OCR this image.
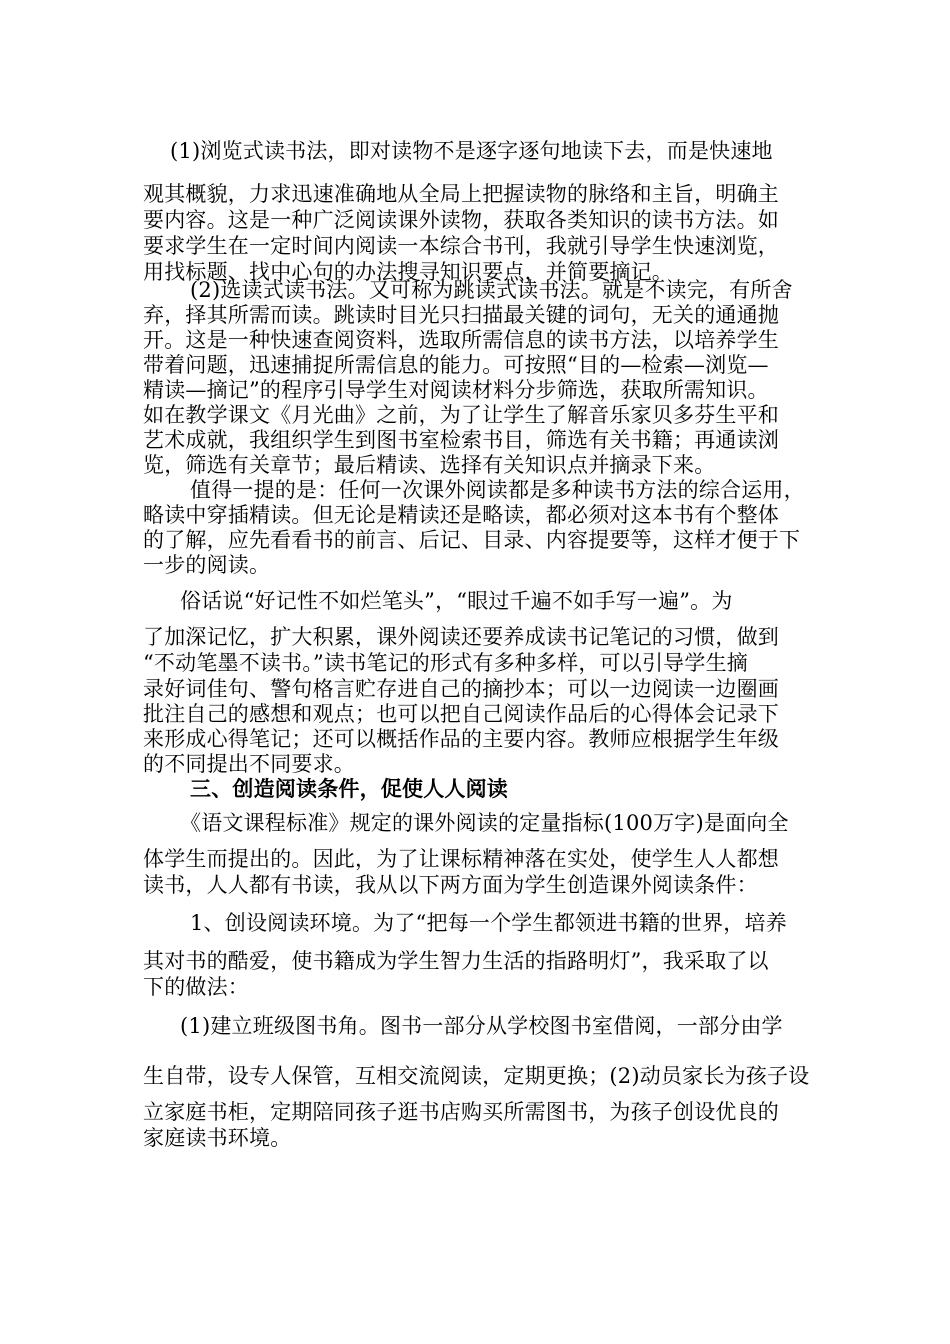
(1)浏览式读书法，即对读物不是逐字逐句地读下去，而是快速地
观其概貌，力求迅速准确地从全局上把握读物的脉络和主旨，明确主
要内容。这是一种广泛阅读课外读物，获取各类知识的读书方法。如
要求学生在一定时间内阅读一本综合书刊，我就引导学生快速浏览，
用找标题、找中心句的办法搜寻知识要点，并简要摘记。
(2)选读式读书法。又可称为跳读式读书法。就是不读完，有所舍
弃，择其所需而读。跳读时目光只扫描最关键的词句，无关的通通抛
开。这是一种快速查阅资料，选取所需信息的读书方法，以培养学生
带着问题，迅速捕捉所需信息的能力。可按照“目的—检索—浏览—
精读—摘记”的程序引导学生对阅读材料分步筛选，获取所需知识。
如在教学课文《月光曲》之前，为了让学生了解音乐家贝多芬生平和
艺术成就，我组织学生到图书室检索书目，筛选有关书籍；再通读浏
览，筛选有关章节；最后精读、选择有关知识点并摘录下来。
值得一提的是：任何一次课外阅读都是多种读书方法的综合运用，
略读中穿插精读。但无论是精读还是略读，都必须对这本书有个整体
的了解，应先看看书的前言、后记、目录、内容提要等，这样才便于下
一步的阅读。
俗话说“好记性不如烂笔头”，“眼过千遍不如手写一遍”。为
了加深记忆，扩大积累，课外阅读还要养成读书记笔记的习惯，做到
“不动笔墨不读书。”读书笔记的形式有多种多样，可以引导学生摘
录好词佳句、警句格言贮存进自己的摘抄本；可以一边阅读一边圈画
批注自己的感想和观点；也可以把自己阅读作品后的心得体会记录下
来形成心得笔记；还可以概括作品的主要内容。教师应根据学生年级
的不同提出不同要求。
三、创造阅读条件，促使人人阅读
《语文课程标准》规定的课外阅读的定量指标(100万字)是面向全
体学生而提出的。因此，为了让课标精神落在实处，使学生人人都想
读书，人人都有书读，我从以下两方面为学生创造课外阅读条件：
1、创设阅读环境。为了“把每一个学生都领进书籍的世界，培养
其对书的酷爱，使书籍成为学生智力生活的指路明灯”，我采取了以
下的做法：
(1)建立班级图书角。图书一部分从学校图书室借阅，一部分由学
生自带，设专人保管，互相交流阅读，定期更换；(2)动员家长为孩子设
立家庭书柜，定期陪同孩子逛书店购买所需图书，为孩子创设优良的
家庭读书环境。
